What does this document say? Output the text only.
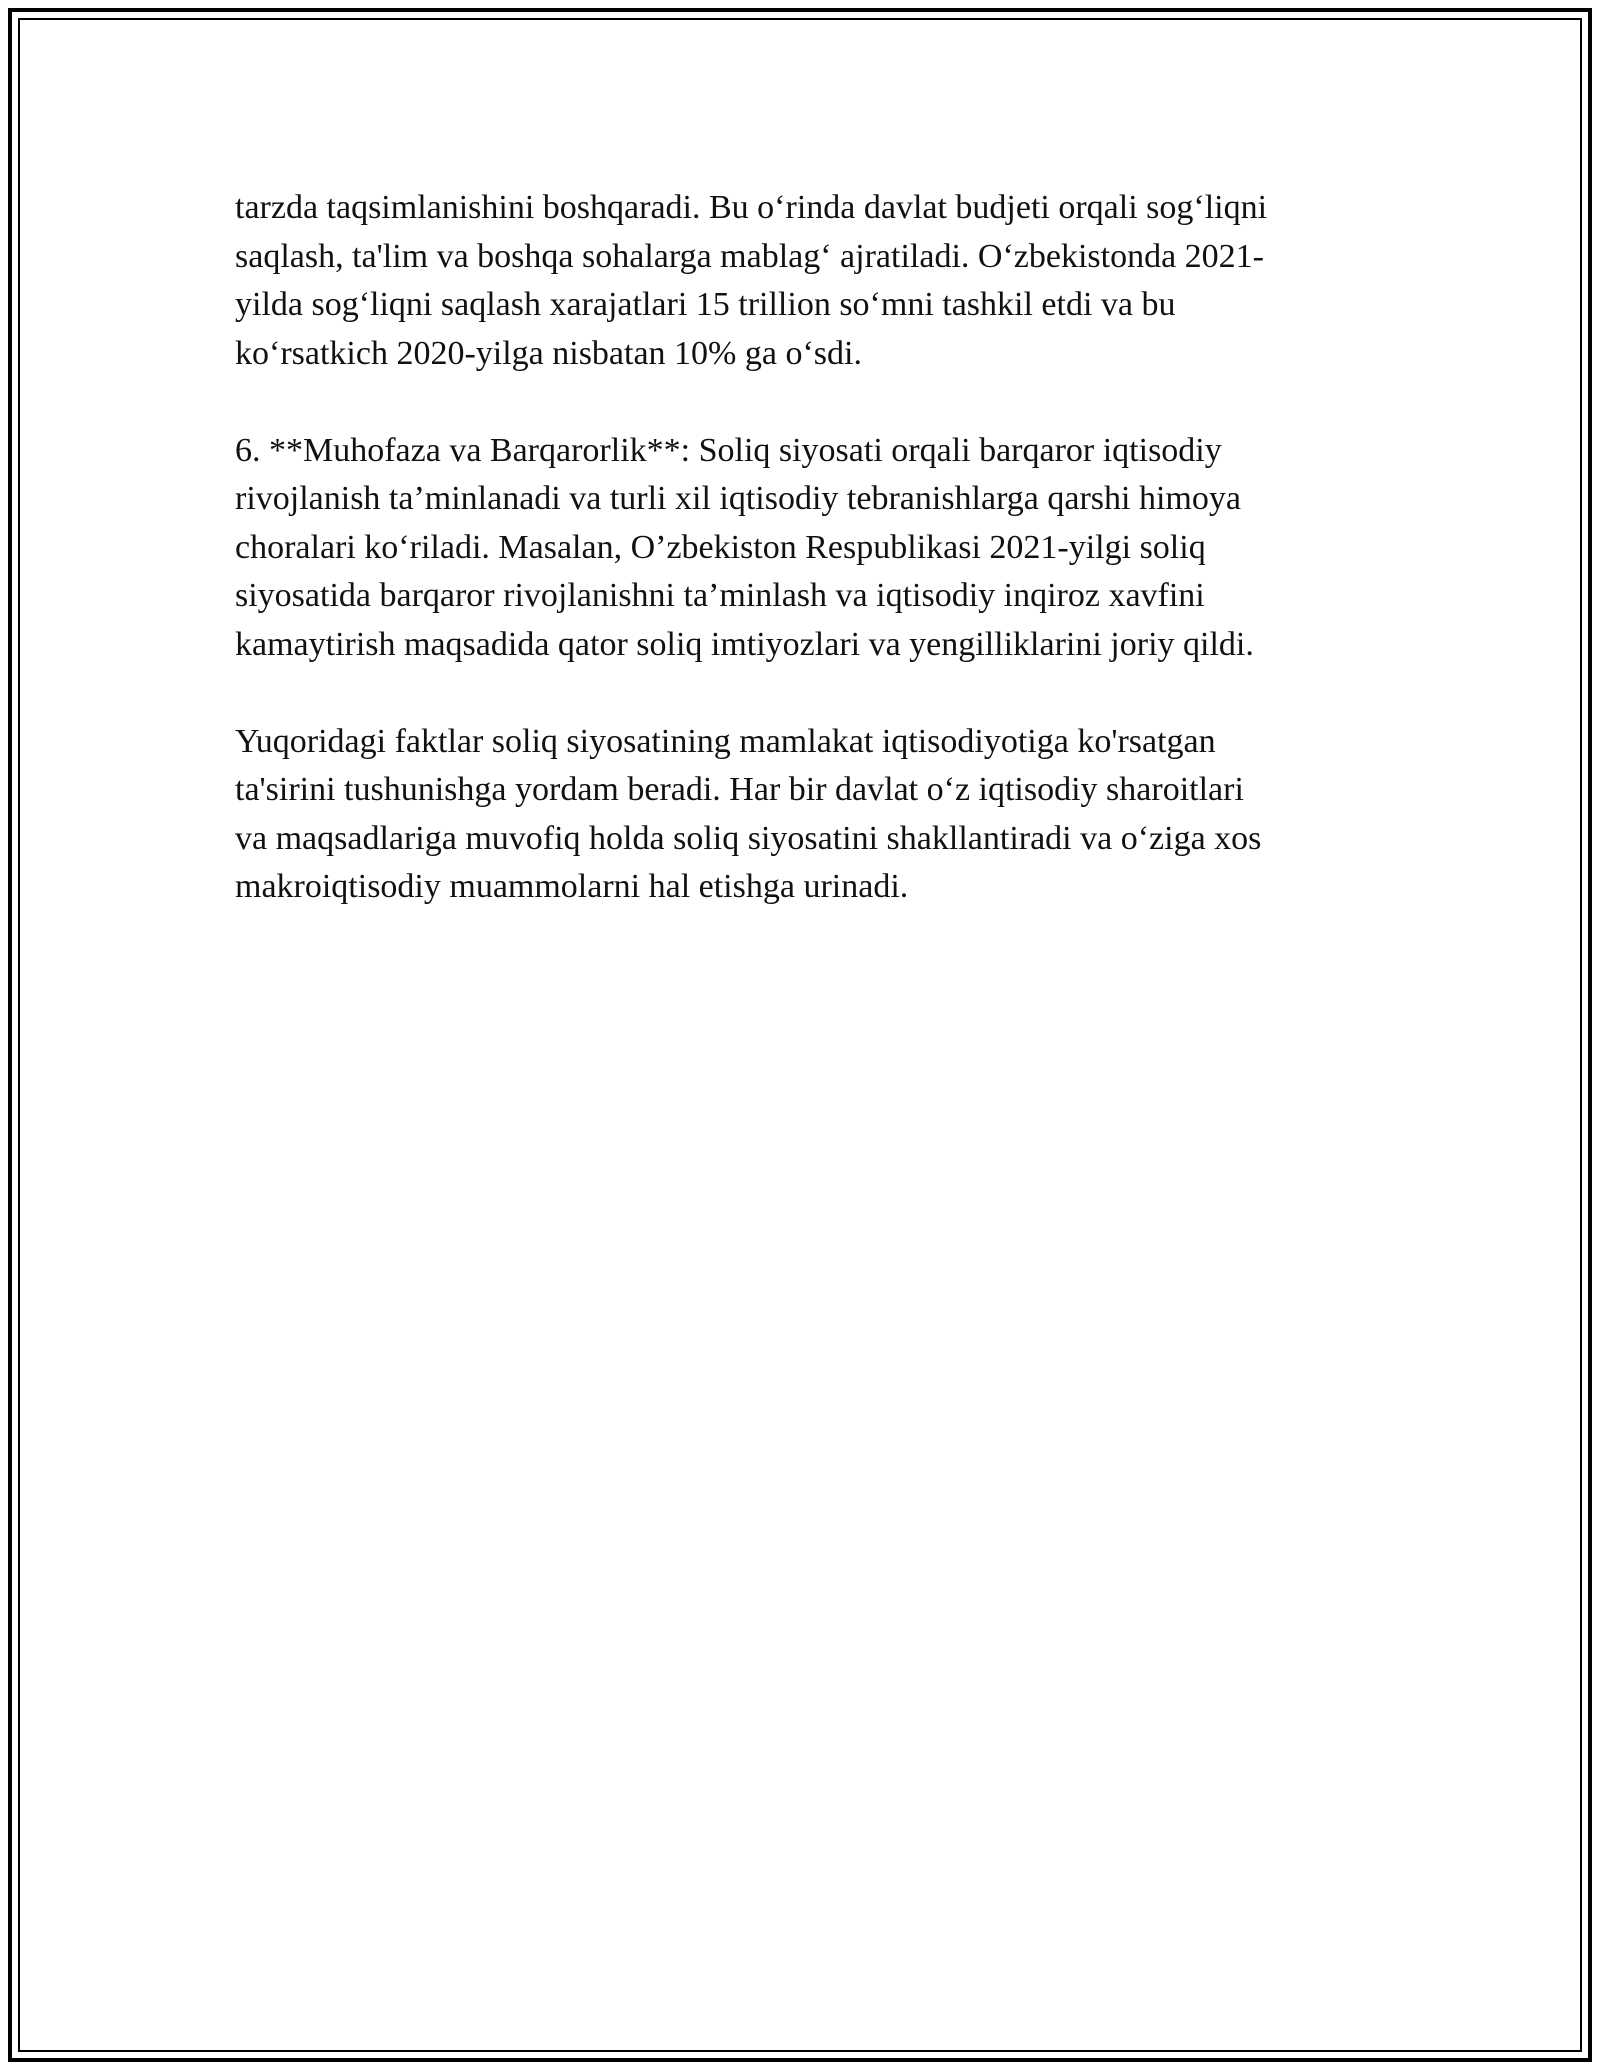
tarzda taqsimlanishini boshqaradi. Bu o‘rinda davlat budjeti orqali sog‘liqni
saqlash, ta'lim va boshqa sohalarga mablag‘ ajratiladi. O‘zbekistonda 2021-
yilda sog‘liqni saqlash xarajatlari 15 trillion so‘mni tashkil etdi va bu
ko‘rsatkich 2020-yilga nisbatan 10% ga o‘sdi.

6. **Muhofaza va Barqarorlik**: Soliq siyosati orqali barqaror iqtisodiy
rivojlanish ta’minlanadi va turli xil iqtisodiy tebranishlarga qarshi himoya
choralari ko‘riladi. Masalan, O’zbekiston Respublikasi 2021-yilgi soliq
siyosatida barqaror rivojlanishni ta’minlash va iqtisodiy inqiroz xavfini
kamaytirish maqsadida qator soliq imtiyozlari va yengilliklarini joriy qildi.

Yuqoridagi faktlar soliq siyosatining mamlakat iqtisodiyotiga ko'rsatgan
ta'sirini tushunishga yordam beradi. Har bir davlat o‘z iqtisodiy sharoitlari
va maqsadlariga muvofiq holda soliq siyosatini shakllantiradi va o‘ziga xos
makroiqtisodiy muammolarni hal etishga urinadi.
